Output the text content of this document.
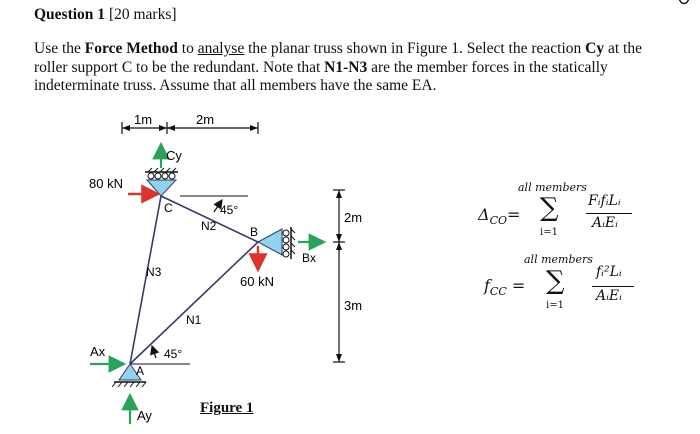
Question 1 [20 marks]
Use the Force Method to analyse the planar truss shown in Figure 1. Select the reaction Cy at the roller support C to be the redundant. Note that N1-N3 are the member forces in the statically indeterminate truss. Assume that all members have the same EA.
1m	2m
Cy
80 kN
C
B
45°
N2
N3
N1
Bx
60 kN
2m
3m
45°
A
Ax
Ay	Figure 1
$\Delta_{CO}=$
all members
∑
i=1
FᵢfᵢLᵢ
AᵢEᵢ
$f_{CC}$ =
all members
∑
i=1
fᵢ²Lᵢ
AᵢEᵢ
